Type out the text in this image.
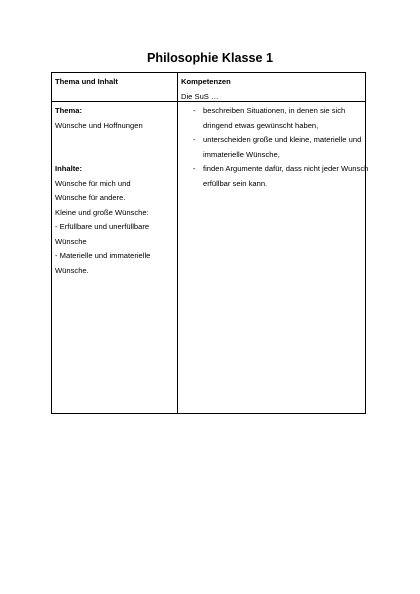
Philosophie Klasse 1
Thema und Inhalt	Kompetenzen
Die SuS …
Thema:
Wünsche und Hoffnungen
Inhalte:
Wünsche für mich und
Wünsche für andere.
Kleine und große Wünsche:
- Erfüllbare und unerfüllbare
Wünsche
- Materielle und immaterielle
Wünsche.
- beschreiben Situationen, in denen sie sich
dringend etwas gewünscht haben,
- unterscheiden große und kleine, materielle und
immaterielle Wünsche,
- finden Argumente dafür, dass nicht jeder Wunsch
erfüllbar sein kann.
